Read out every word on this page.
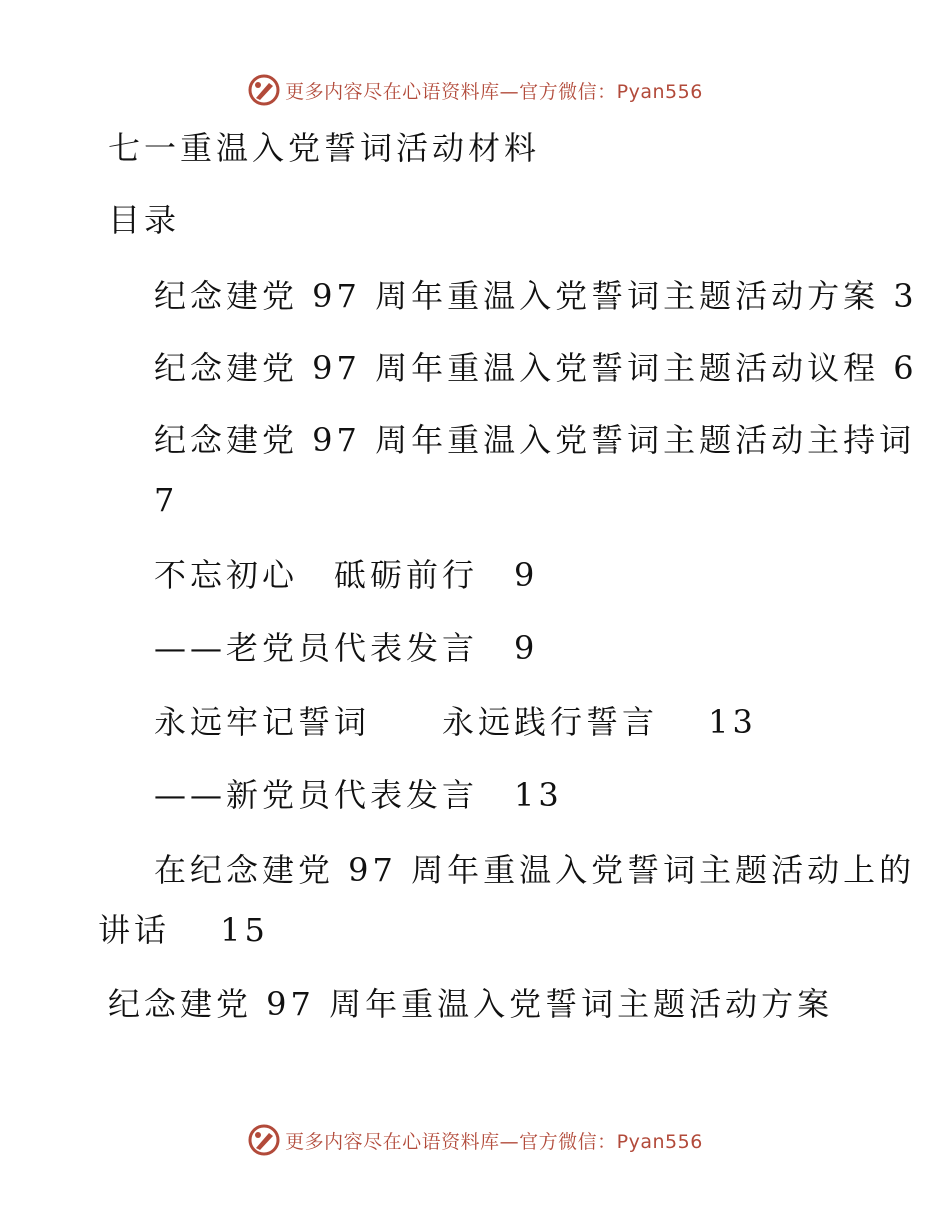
更多内容尽在心语资料库—官方微信：Pyan556
七一重温入党誓词活动材料
目录
纪念建党 97 周年重温入党誓词主题活动方案 3
纪念建党 97 周年重温入党誓词主题活动议程 6
纪念建党 97 周年重温入党誓词主题活动主持词
7
不忘初心　砥砺前行　9
——老党员代表发言　9
永远牢记誓词　　永远践行誓言　 13
——新党员代表发言　13
在纪念建党 97 周年重温入党誓词主题活动上的
讲话　 15
纪念建党 97 周年重温入党誓词主题活动方案
更多内容尽在心语资料库—官方微信：Pyan556
